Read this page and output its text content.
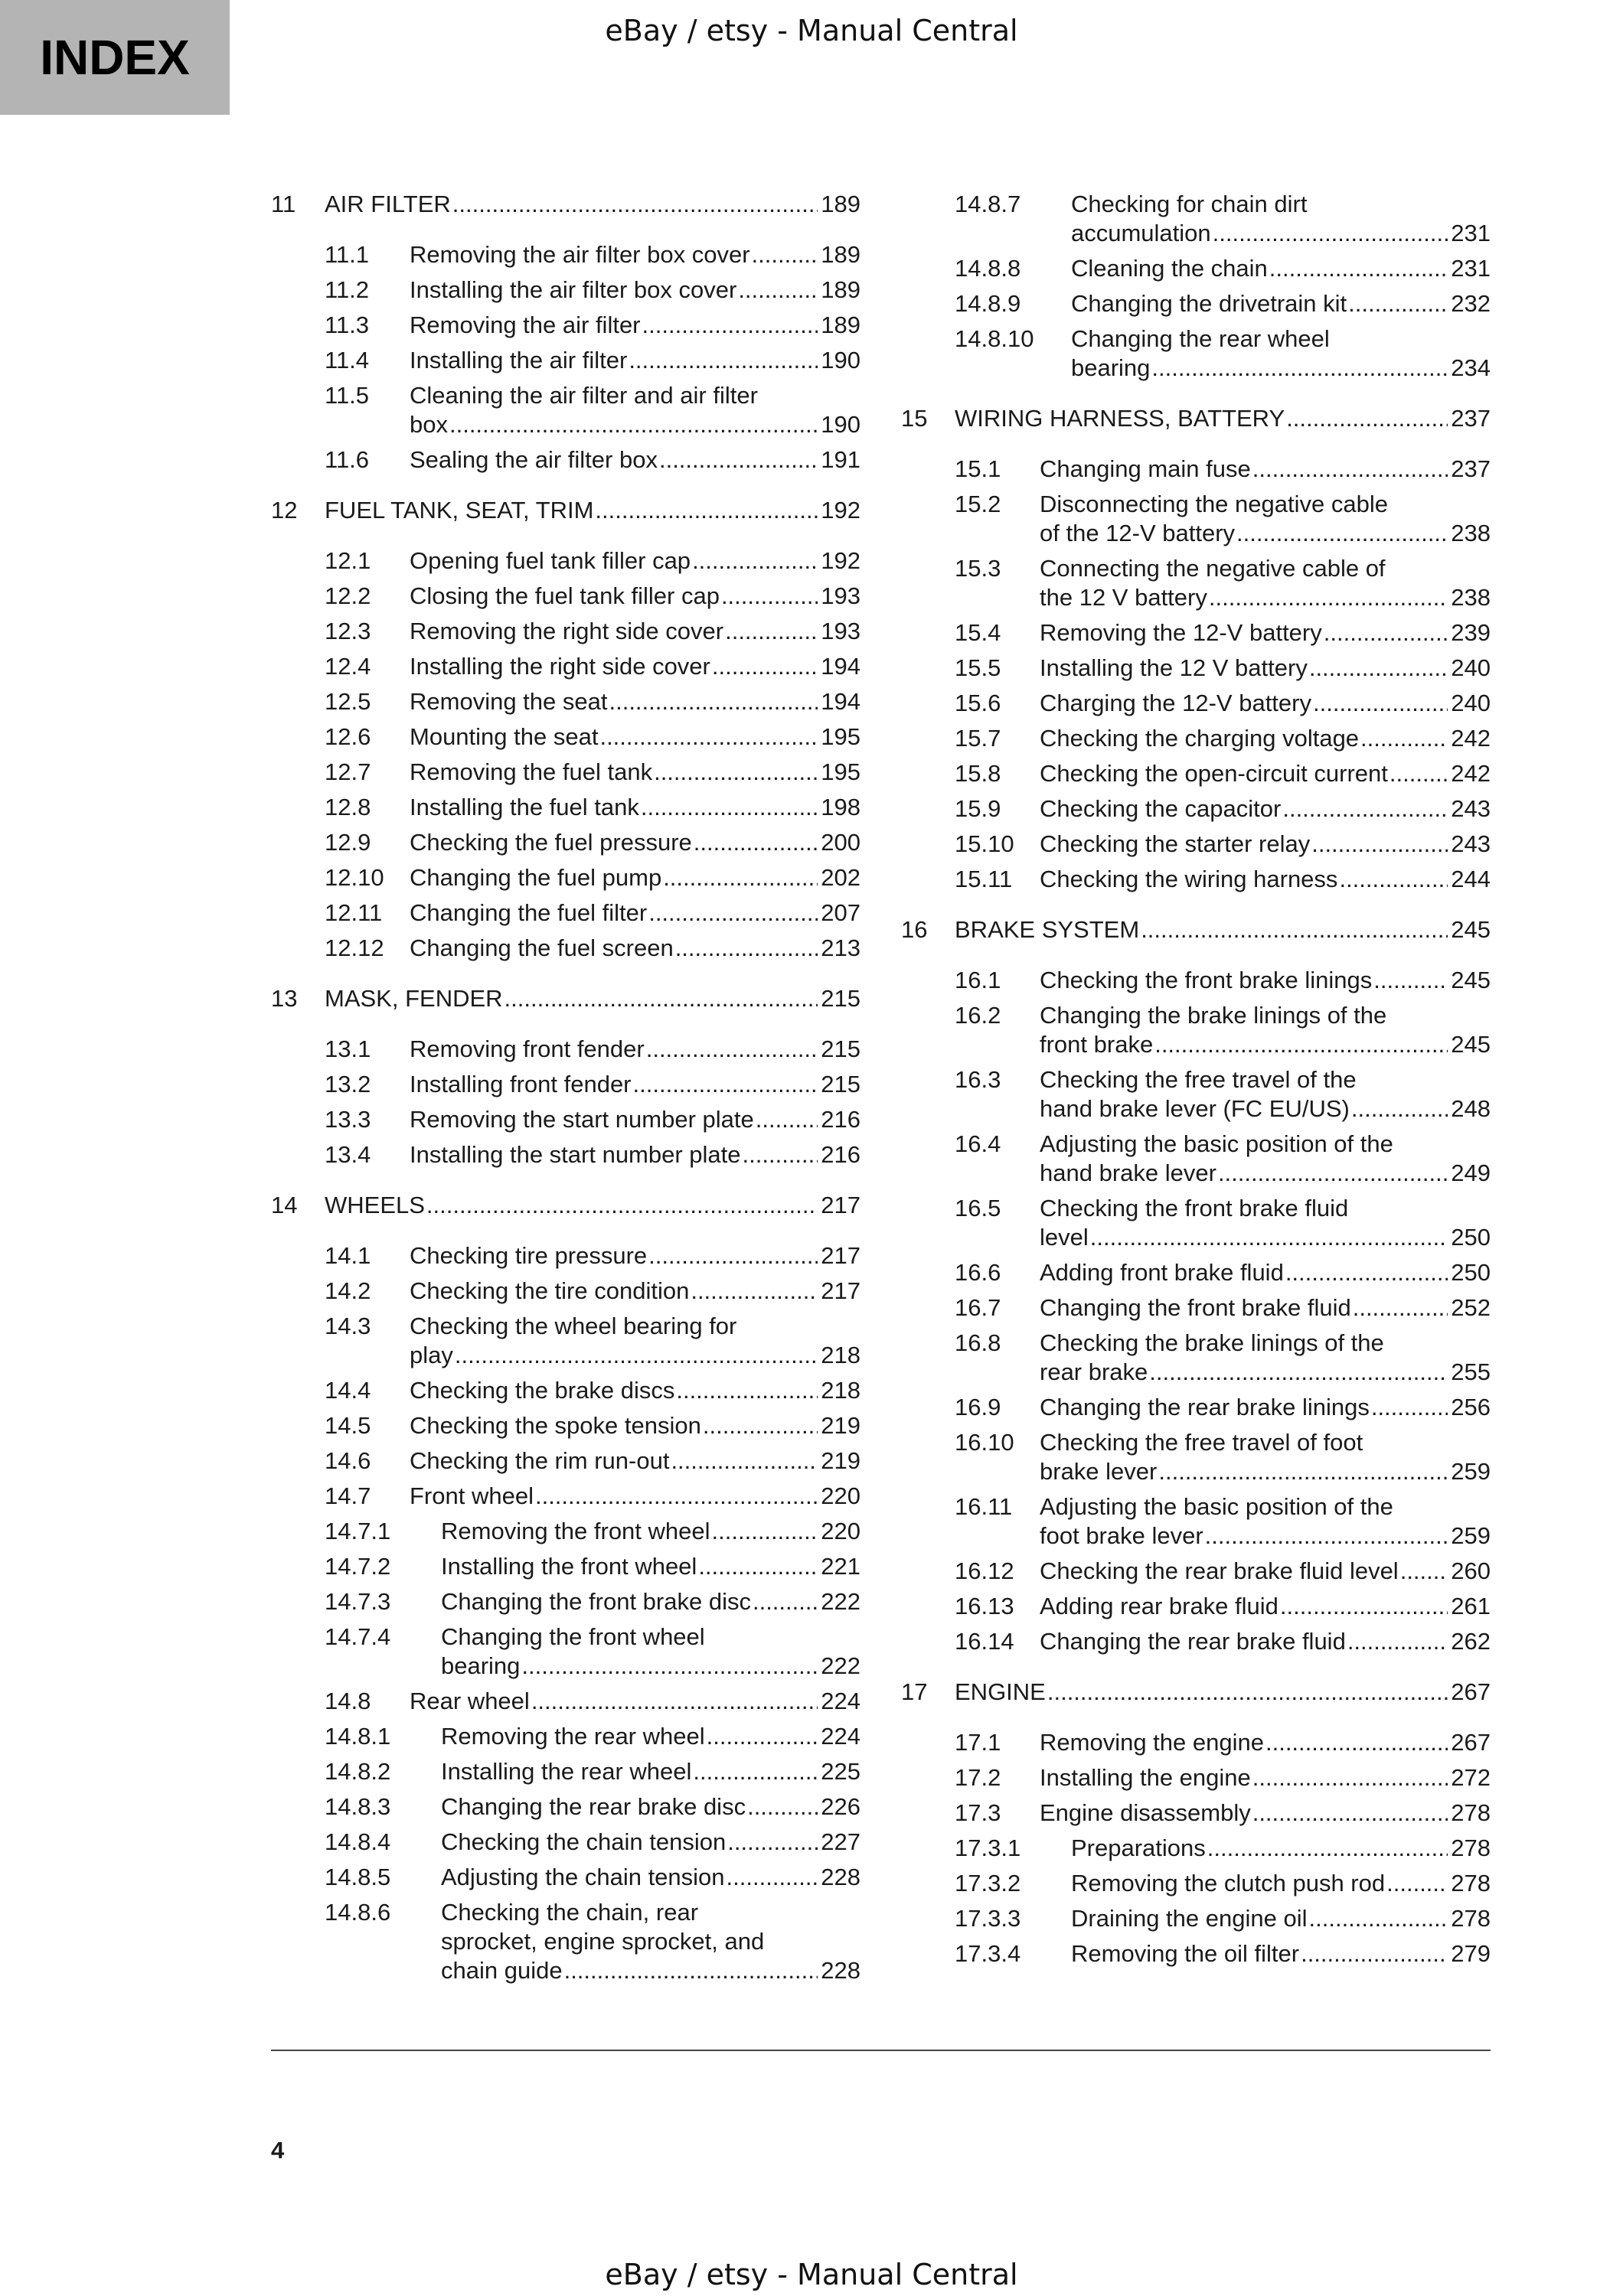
INDEX	eBay / etsy - Manual Central
11 AIR FILTER .....	189
11.1 Removing the air filter box cover .....	189
11.2 Installing the air filter box cover .....	189
11.3 Removing the air filter .....	189
11.4 Installing the air filter .....	190
11.5 Cleaning the air filter and air filter
box .....	190
11.6 Sealing the air filter box .....	191
12 FUEL TANK, SEAT, TRIM .....	192
12.1 Opening fuel tank filler cap .....	192
12.2 Closing the fuel tank filler cap .....	193
12.3 Removing the right side cover .....	193
12.4 Installing the right side cover .....	194
12.5 Removing the seat .....	194
12.6 Mounting the seat .....	195
12.7 Removing the fuel tank .....	195
12.8 Installing the fuel tank .....	198
12.9 Checking the fuel pressure .....	200
12.10 Changing the fuel pump .....	202
12.11 Changing the fuel filter .....	207
12.12 Changing the fuel screen .....	213
13 MASK, FENDER .....	215
13.1 Removing front fender .....	215
13.2 Installing front fender .....	215
13.3 Removing the start number plate .....	216
13.4 Installing the start number plate .....	216
14 WHEELS .....	217
14.1 Checking tire pressure .....	217
14.2 Checking the tire condition .....	217
14.3 Checking the wheel bearing for
play .....	218
14.4 Checking the brake discs .....	218
14.5 Checking the spoke tension .....	219
14.6 Checking the rim run-out .....	219
14.7 Front wheel .....	220
14.7.1 Removing the front wheel .....	220
14.7.2 Installing the front wheel .....	221
14.7.3 Changing the front brake disc .....	222
14.7.4 Changing the front wheel
bearing .....	222
14.8 Rear wheel .....	224
14.8.1 Removing the rear wheel .....	224
14.8.2 Installing the rear wheel .....	225
14.8.3 Changing the rear brake disc .....	226
14.8.4 Checking the chain tension .....	227
14.8.5 Adjusting the chain tension .....	228
14.8.6 Checking the chain, rear
sprocket, engine sprocket, and
chain guide .....	228
14.8.7 Checking for chain dirt
accumulation .....	231
14.8.8 Cleaning the chain .....	231
14.8.9 Changing the drivetrain kit .....	232
14.8.10 Changing the rear wheel
bearing .....	234
15 WIRING HARNESS, BATTERY .....	237
15.1 Changing main fuse .....	237
15.2 Disconnecting the negative cable
of the 12-V battery .....	238
15.3 Connecting the negative cable of
the 12 V battery .....	238
15.4 Removing the 12-V battery .....	239
15.5 Installing the 12 V battery .....	240
15.6 Charging the 12-V battery .....	240
15.7 Checking the charging voltage .....	242
15.8 Checking the open-circuit current .....	242
15.9 Checking the capacitor .....	243
15.10 Checking the starter relay .....	243
15.11 Checking the wiring harness .....	244
16 BRAKE SYSTEM .....	245
16.1 Checking the front brake linings .....	245
16.2 Changing the brake linings of the
front brake .....	245
16.3 Checking the free travel of the
hand brake lever (FC EU/US) .....	248
16.4 Adjusting the basic position of the
hand brake lever .....	249
16.5 Checking the front brake fluid
level .....	250
16.6 Adding front brake fluid .....	250
16.7 Changing the front brake fluid .....	252
16.8 Checking the brake linings of the
rear brake .....	255
16.9 Changing the rear brake linings .....	256
16.10 Checking the free travel of foot
brake lever .....	259
16.11 Adjusting the basic position of the
foot brake lever .....	259
16.12 Checking the rear brake fluid level ..... 260
16.13 Adding rear brake fluid .....	261
16.14 Changing the rear brake fluid .....	262
17 ENGINE .....	267
17.1 Removing the engine .....	267
17.2 Installing the engine .....	272
17.3 Engine disassembly .....	278
17.3.1 Preparations .....	278
17.3.2 Removing the clutch push rod .....	278
17.3.3 Draining the engine oil .....	278
17.3.4 Removing the oil filter .....	279
4
eBay / etsy - Manual Central
